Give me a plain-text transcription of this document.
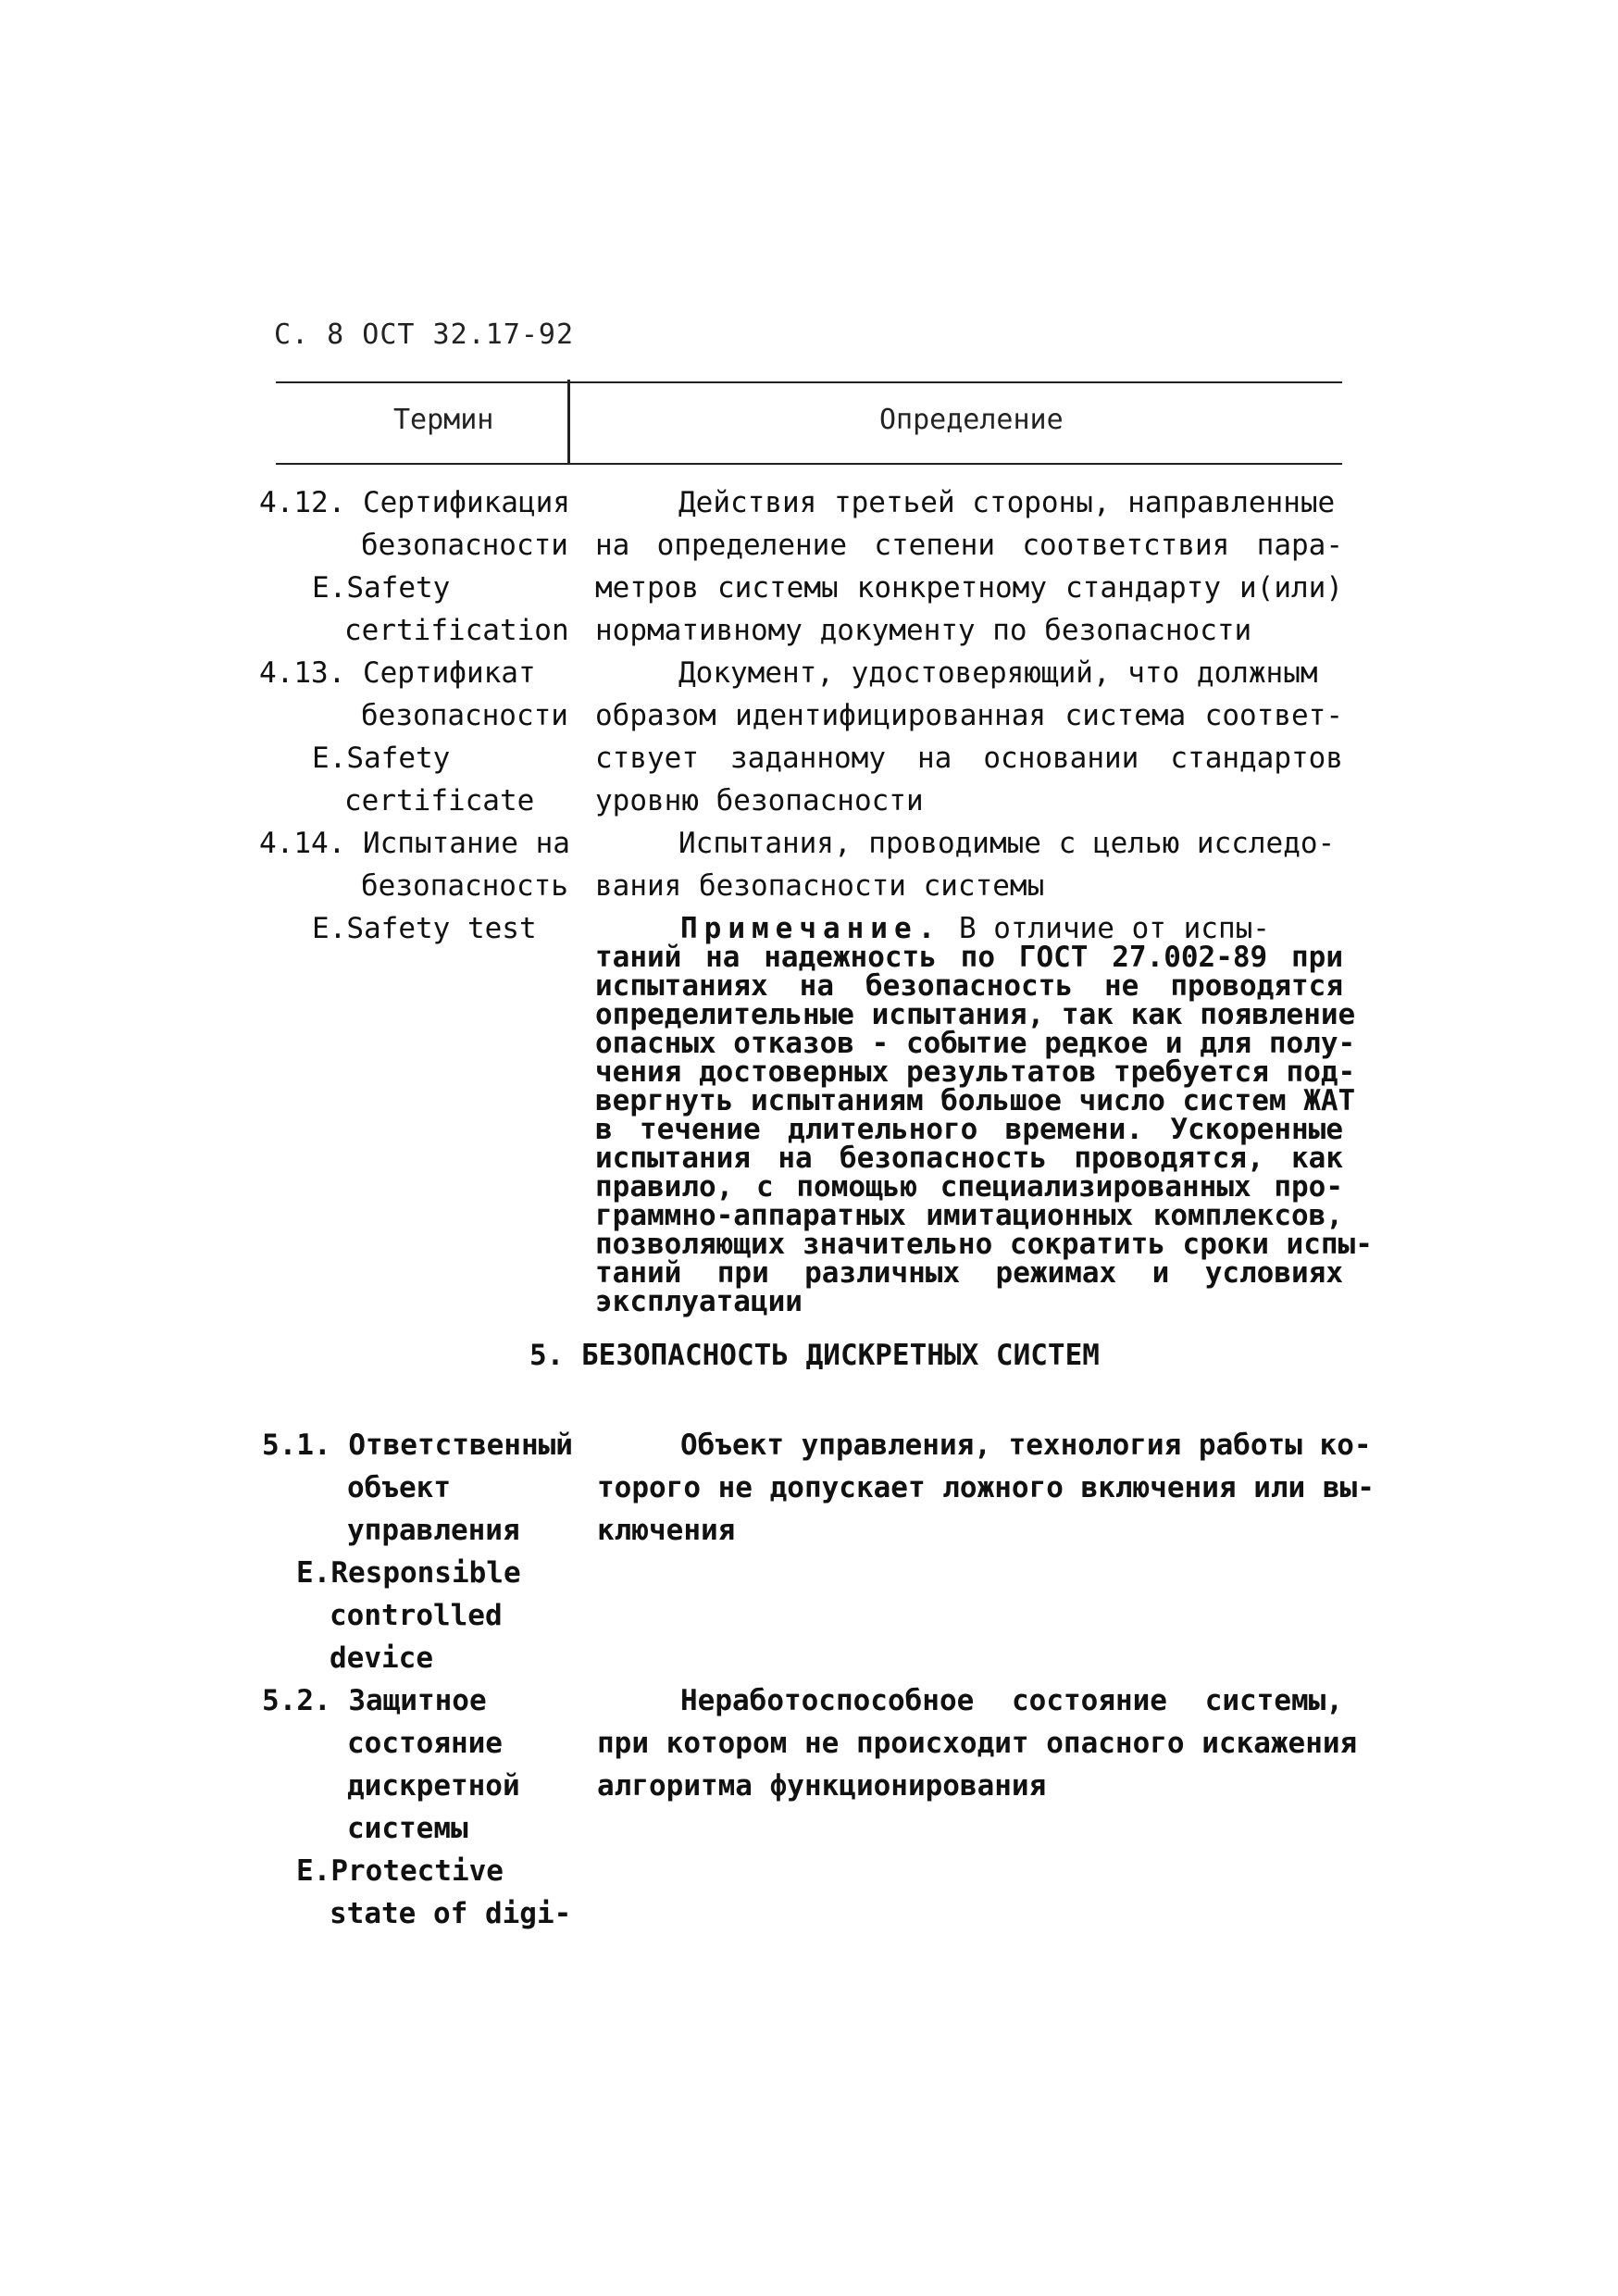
С. 8 ОСТ 32.17-92
Термин	Определение
4.12. Сертификация
безопасности
E.Safety
certification
Действия третьей стороны, направленные
на определение степени соответствия пара-
метров системы конкретному стандарту и(или)
нормативному документу по безопасности
4.13. Сертификат
безопасности
E.Safety
certificate
Документ, удостоверяющий, что должным
образом идентифицированная система соответ-
ствует заданному на основании стандартов
уровню безопасности
4.14. Испытание на
безопасность
E.Safety test
Испытания, проводимые с целью исследо-
вания безопасности системы
Примечание. В отличие от испы-
таний на надежность по ГОСТ 27.002-89 при
испытаниях на безопасность не проводятся
определительные испытания, так как появление
опасных отказов - событие редкое и для полу-
чения достоверных результатов требуется под-
вергнуть испытаниям большое число систем ЖАТ
в течение длительного времени. Ускоренные
испытания на безопасность проводятся, как
правило, с помощью специализированных про-
граммно-аппаратных имитационных комплексов,
позволяющих значительно сократить сроки испы-
таний при различных режимах и условиях
эксплуатации
5. БЕЗОПАСНОСТЬ ДИСКРЕТНЫХ СИСТЕМ
5.1. Ответственный
объект
управления
E.Responsible
controlled
device
Объект управления, технология работы ко-
торого не допускает ложного включения или вы-
ключения
5.2. Защитное
состояние
дискретной
системы
E.Protective
state of digi-
Неработоспособное состояние системы,
при котором не происходит опасного искажения
алгоритма функционирования
